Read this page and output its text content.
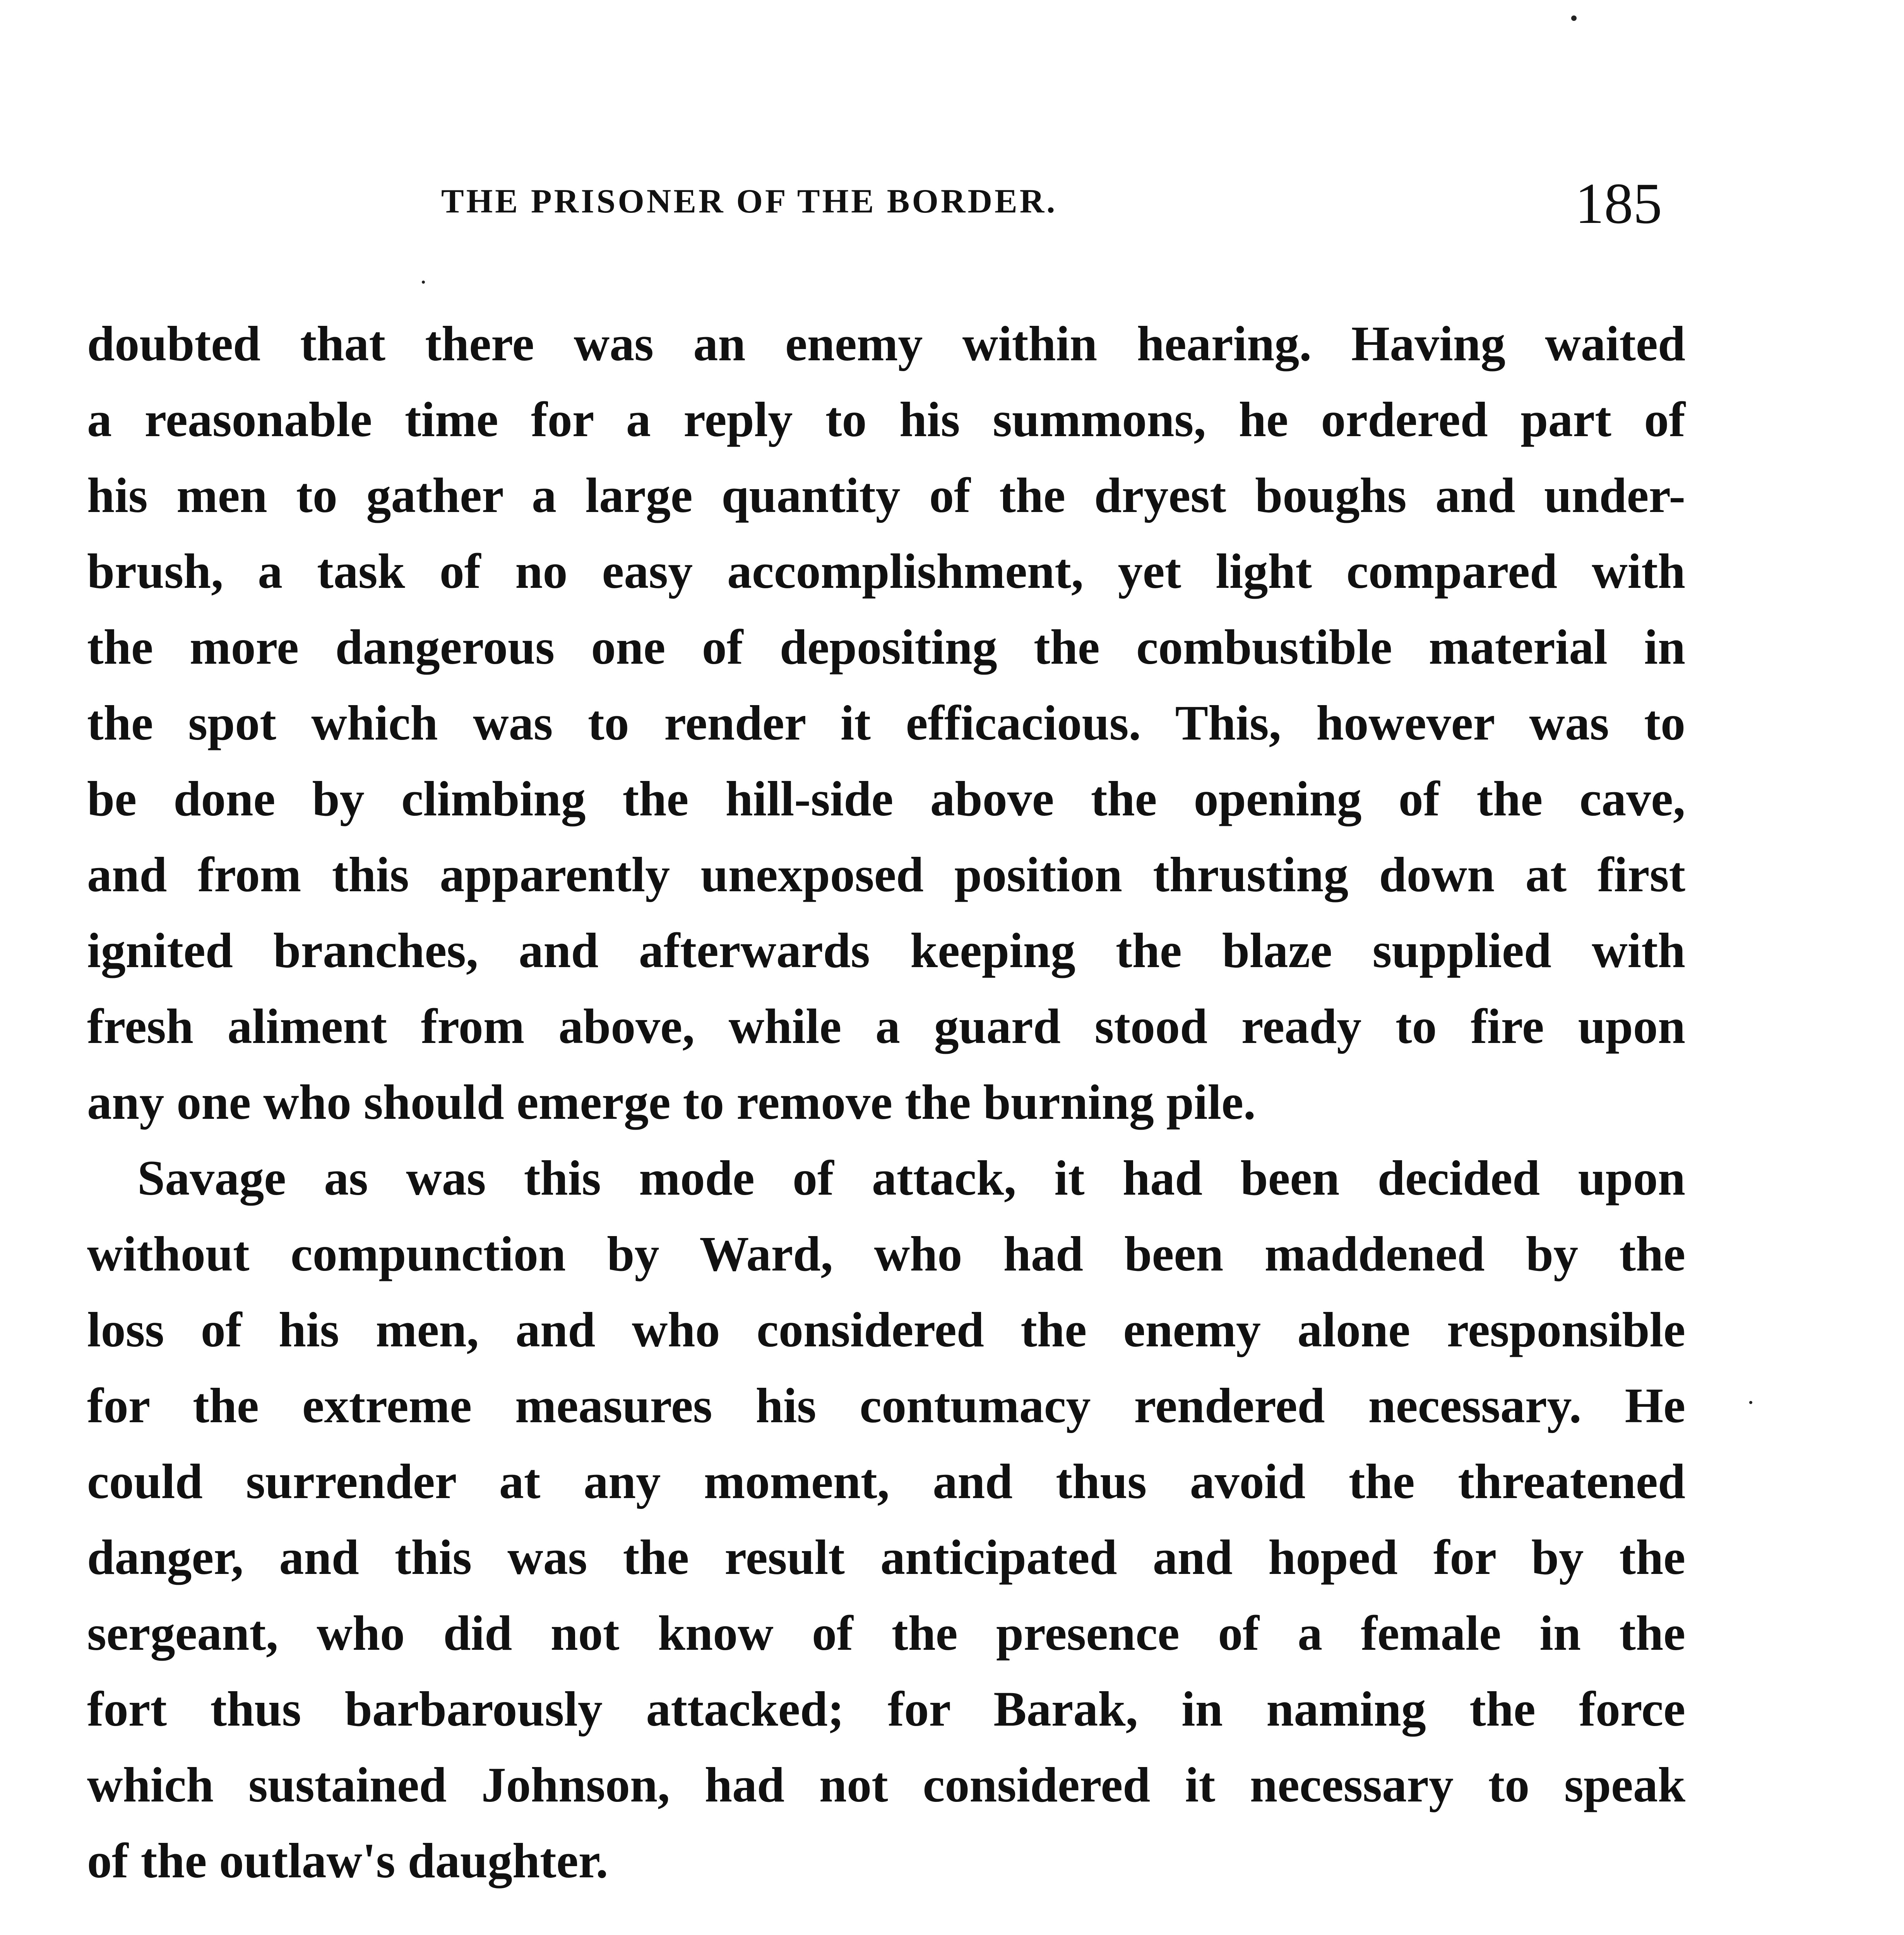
THE PRISONER OF THE BORDER.	185
doubted that there was an enemy within hearing. Having waited
a reasonable time for a reply to his summons, he ordered part of
his men to gather a large quantity of the dryest boughs and under-
brush, a task of no easy accomplishment, yet light compared with
the more dangerous one of depositing the combustible material in
the spot which was to render it efficacious. This, however was to
be done by climbing the hill-side above the opening of the cave,
and from this apparently unexposed position thrusting down at first
ignited branches, and afterwards keeping the blaze supplied with
fresh aliment from above, while a guard stood ready to fire upon
any one who should emerge to remove the burning pile.
Savage as was this mode of attack, it had been decided upon
without compunction by Ward, who had been maddened by the
loss of his men, and who considered the enemy alone responsible
for the extreme measures his contumacy rendered necessary. He
could surrender at any moment, and thus avoid the threatened
danger, and this was the result anticipated and hoped for by the
sergeant, who did not know of the presence of a female in the
fort thus barbarously attacked; for Barak, in naming the force
which sustained Johnson, had not considered it necessary to speak
of the outlaw's daughter.
